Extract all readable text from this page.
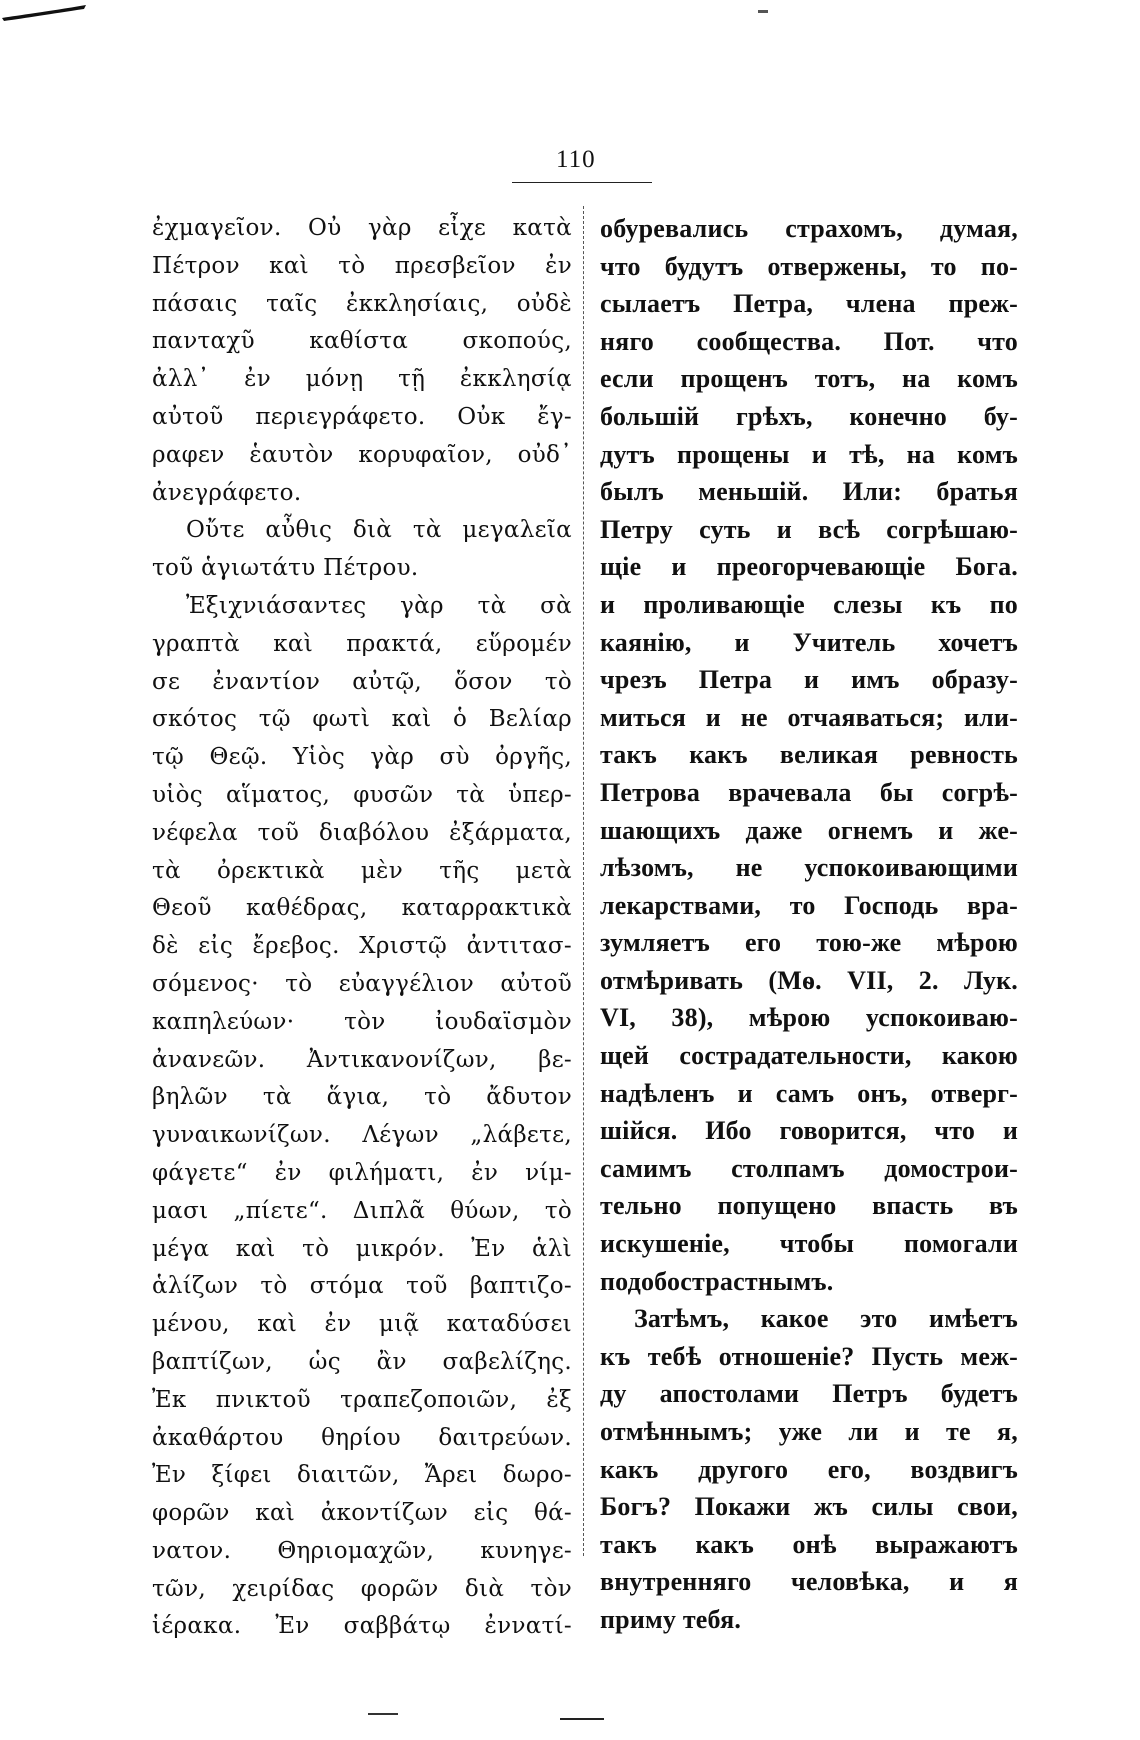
110
ἐχμαγεῖον. Οὐ γὰρ εἶχε κατὰ
Πέτρον καὶ τὸ πρεσβεῖον ἐν
πάσαις ταῖς ἐκκλησίαις, οὐδὲ
πανταχῦ καθίστα σκοπούς,
ἀλλ᾽ ἐν μόνῃ τῇ ἐκκλησίᾳ
αὐτοῦ περιεγράφετο. Οὐκ ἔγ-
ραφεν ἑαυτὸν κορυφαῖον, οὐδ᾽
ἀνεγράφετο.
Οὔτε αὖθις διὰ τὰ μεγαλεῖα
τοῦ ἁγιωτάτυ Πέτρου.
Ἐξιχνιάσαντες γὰρ τὰ σὰ
γραπτὰ καὶ πρακτά, εὕρομέν
σε ἐναντίον αὐτῷ, ὅσον τὸ
σκότος τῷ φωτὶ καὶ ὁ Βελίαρ
τῷ Θεῷ. Υἱὸς γὰρ σὺ ὀργῆς,
υἱὸς αἵματος, φυσῶν τὰ ὑπερ-
νέφελα τοῦ διαβόλου ἐξάρματα,
τὰ ὀρεκτικὰ μὲν τῆς μετὰ
Θεοῦ καθέδρας, καταρρακτικὰ
δὲ εἰς ἔρεβος. Χριστῷ ἀντιτασ-
σόμενος· τὸ εὐαγγέλιον αὐτοῦ
καπηλεύων· τὸν ἰουδαϊσμὸν
ἀνανεῶν. Ἀντικανονίζων, βε-
βηλῶν τὰ ἅγια, τὸ ἄδυτον
γυναικωνίζων. Λέγων „λάβετε,
φάγετε“ ἐν φιλήματι, ἐν νίμ-
μασι „πίετε“. Διπλᾶ θύων, τὸ
μέγα καὶ τὸ μικρόν. Ἐν ἁλὶ
ἁλίζων τὸ στόμα τοῦ βαπτιζο-
μένου, καὶ ἐν μιᾷ καταδύσει
βαπτίζων, ὡς ἂν σαβελίζης.
Ἐκ πνικτοῦ τραπεζοποιῶν, ἐξ
ἀκαθάρτου θηρίου δαιτρεύων.
Ἐν ξίφει διαιτῶν, Ἄρει δωρο-
φορῶν καὶ ἀκοντίζων εἰς θά-
νατον. Θηριομαχῶν, κυνηγε-
τῶν, χειρίδας φορῶν διὰ τὸν
ἱέρακα. Ἐν σαββάτῳ ἐννατί-
обуревались страхомъ, думая,
что будутъ отвержены, то по-
сылаетъ Петра, члена преж-
няго сообщества. Пот. что
если прощенъ тотъ, на комъ
большій грѣхъ, конечно бу-
дутъ прощены и тѣ, на комъ
былъ меньшій. Или: братья
Петру суть и всѣ согрѣшаю-
щіе и преогорчевающіе Бога.
и проливающіе слезы къ по
каянію, и Учитель хочетъ
чрезъ Петра и имъ образу-
миться и не отчаяваться; или-
такъ какъ великая ревность
Петрова врачевала бы согрѣ-
шающихъ даже огнемъ и же-
лѣзомъ, не успокоивающими
лекарствами, то Господь вра-
зумляетъ его тою-же мѣрою
отмѣривать (Мѳ. VII, 2. Лук.
VI, 38), мѣрою успокоиваю-
щей сострадательности, какою
надѣленъ и самъ онъ, отверг-
шійся. Ибо говорится, что и
самимъ столпамъ домострои-
тельно попущено впасть въ
искушеніе, чтобы помогали
подобострастнымъ.
Затѣмъ, какое это имѣетъ
къ тебѣ отношеніе? Пусть меж-
ду апостолами Петръ будетъ
отмѣннымъ; уже ли и те я,
какъ другого его, воздвигъ
Богъ? Покажи жъ силы свои,
такъ какъ онѣ выражаютъ
внутренняго человѣка, и я
приму тебя.
